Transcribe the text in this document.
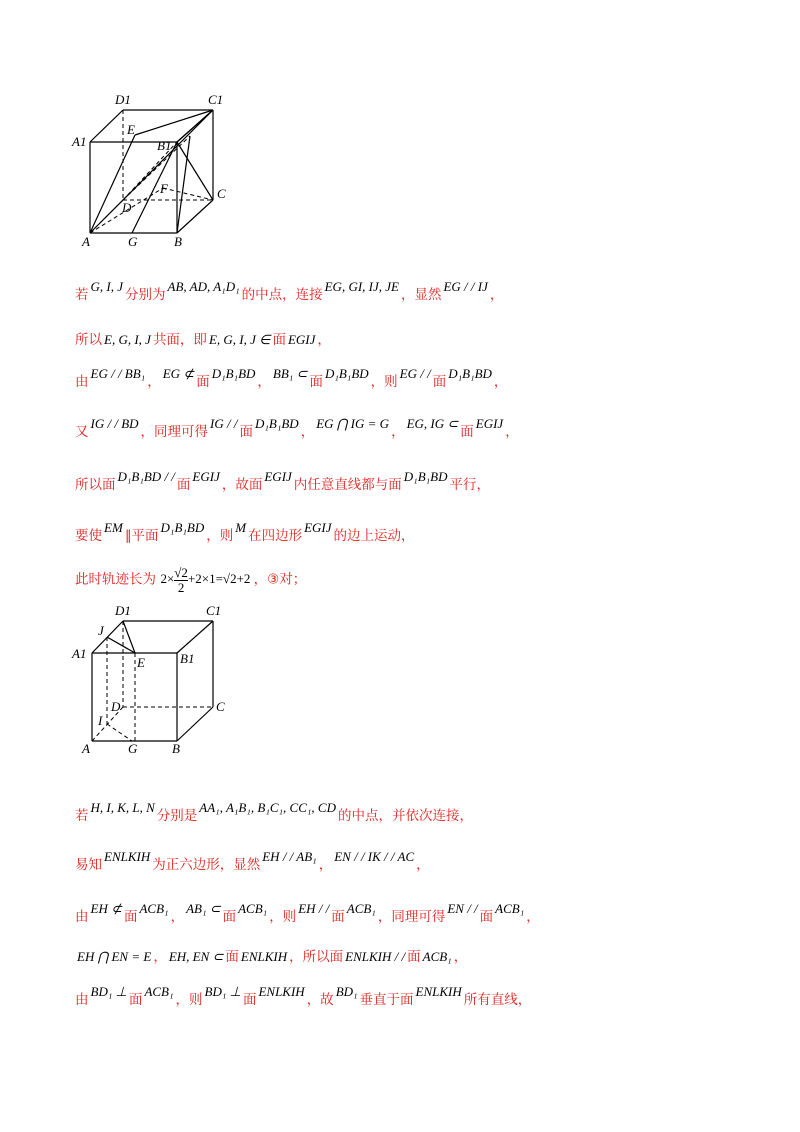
D1	C1
A1
E
B1
F	C
D
A	G	B
若G, I, J分别为AB, AD, A₁D₁的中点，连接EG, GI, IJ, JE，显然EG / / IJ，
所以 E, G, I, J 共面，即 E, G, I, J ∈ 面 EGIJ ，
由EG / / BB₁，EG ⊄面D₁B₁BD，BB₁ ⊂面D₁B₁BD，则EG / /面D₁B₁BD，
又IG / / BD，同理可得IG / /面D₁B₁BD，EG ⋂ IG = G，EG, IG ⊂面EGIJ，
所以面D₁B₁BD / /面EGIJ，故面EGIJ内任意直线都与面D₁B₁BD平行，
要使EM∥平面D₁B₁BD，则M在四边形EGIJ的边上运动，
此时轨迹长为 $2\times \frac{√2}{2} +2\times 1=√2+2$ ，③对；
D1	C1
J
A1
E	B1
C
D
I
A	G	B
若H, I, K, L, N分别是AA₁, A₁B₁, B₁C₁, CC₁, CD的中点，并依次连接，
易知ENLKIH为正六边形，显然EH / / AB₁，EN / / IK / / AC，
由EH ⊄面ACB₁，AB₁ ⊂面ACB₁，则EH / /面ACB₁，同理可得EN / /面ACB₁，
EH ⋂ EN = E ， EH, EN ⊂ 面 ENLKIH ，所以面 ENLKIH / / 面 ACB₁ ，
由BD₁ ⊥面ACB₁，则BD₁ ⊥面ENLKIH，故BD₁垂直于面ENLKIH所有直线，
